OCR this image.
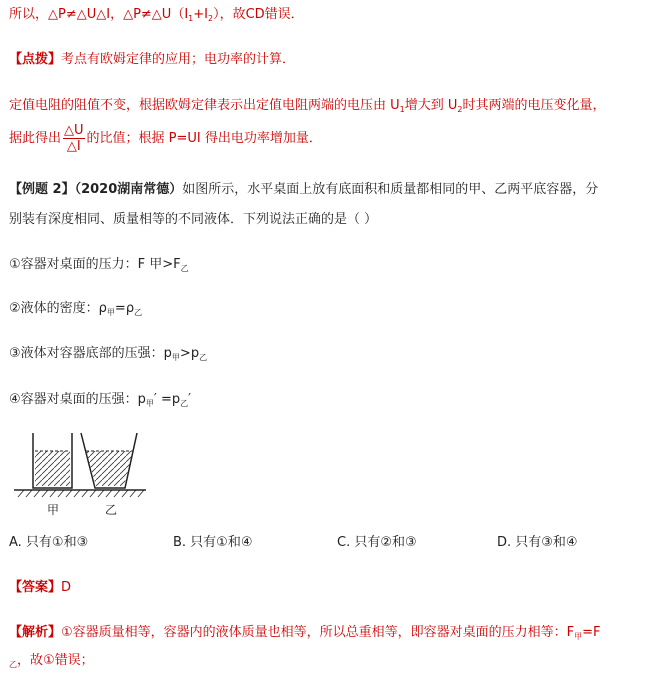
所以，△P≠△U△I，$\triangle P\ne\triangle U(I_1+I_2)$，故CD错误．
【点拨】考点有欧姆定律的应用；电功率的计算．
定值电阻的阻值不变，根据欧姆定律表示出定值电阻两端的电压由 $U_1$增大到 $U_2$时其两端的电压变化量，
据此得出 $\frac{\triangle U}{\triangle I}$ 的比值；根据 P=UI 得出电功率增加量．
【例题 2】（2020湖南常德）如图所示，水平桌面上放有底面积和质量都相同的甲、乙两平底容器，分
别装有深度相同、质量相等的不同液体．下列说法正确的是（ ）
①容器对桌面的压力：F 甲$>F_乙$
②液体的密度：$\rho_甲=\rho_乙$
③液体对容器底部的压强：$p_甲>p_乙$
④容器对桌面的压强：$p_甲' =p_乙'$
甲	乙
A. 只有①和③	B. 只有①和④	C. 只有②和③	D. 只有③和④
【答案】D
【解析】①容器质量相等，容器内的液体质量也相等，所以总重相等，即容器对桌面的压力相等：$F_甲=F$
$_乙$，故①错误；
